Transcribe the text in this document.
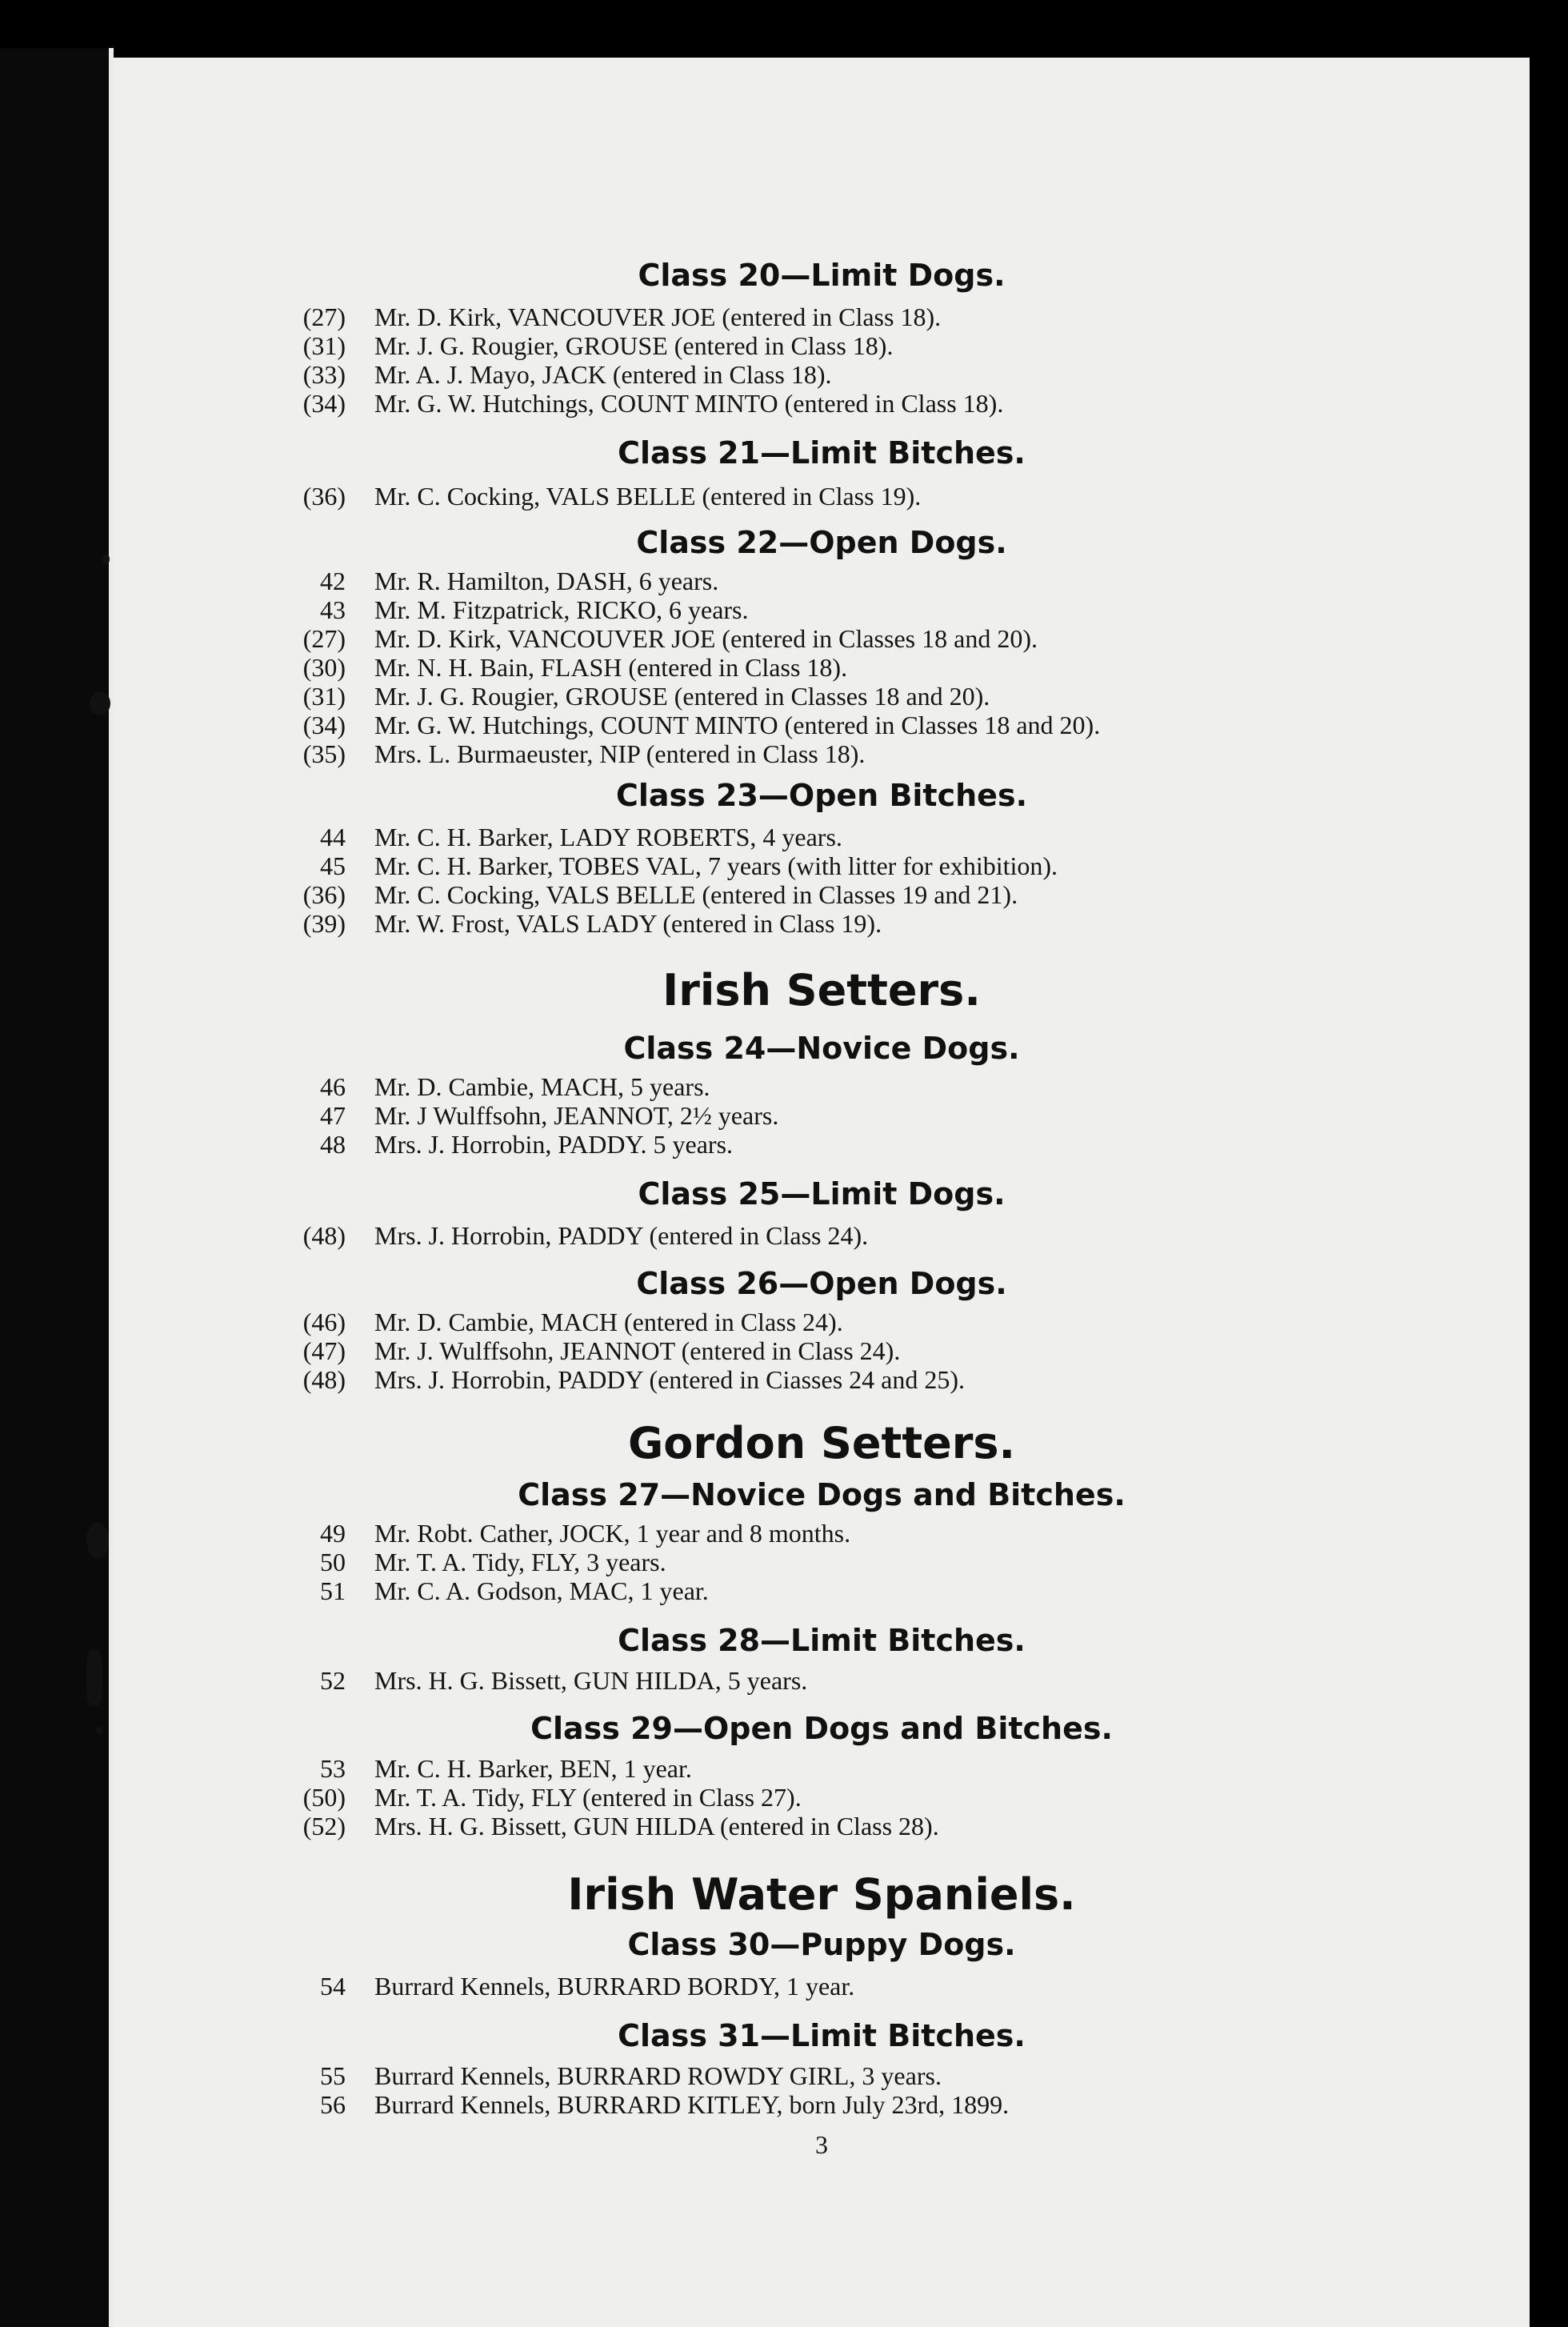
Class 20—Limit Dogs.
(27) Mr. D. Kirk, VANCOUVER JOE (entered in Class 18).
(31) Mr. J. G. Rougier, GROUSE (entered in Class 18).
(33) Mr. A. J. Mayo, JACK (entered in Class 18).
(34) Mr. G. W. Hutchings, COUNT MINTO (entered in Class 18).
Class 21—Limit Bitches.
(36) Mr. C. Cocking, VALS BELLE (entered in Class 19).
Class 22—Open Dogs.
42 Mr. R. Hamilton, DASH, 6 years.
43 Mr. M. Fitzpatrick, RICKO, 6 years.
(27) Mr. D. Kirk, VANCOUVER JOE (entered in Classes 18 and 20).
(30) Mr. N. H. Bain, FLASH (entered in Class 18).
(31) Mr. J. G. Rougier, GROUSE (entered in Classes 18 and 20).
(34) Mr. G. W. Hutchings, COUNT MINTO (entered in Classes 18 and 20).
(35) Mrs. L. Burmaeuster, NIP (entered in Class 18).
Class 23—Open Bitches.
44 Mr. C. H. Barker, LADY ROBERTS, 4 years.
45 Mr. C. H. Barker, TOBES VAL, 7 years (with litter for exhibition).
(36) Mr. C. Cocking, VALS BELLE (entered in Classes 19 and 21).
(39) Mr. W. Frost, VALS LADY (entered in Class 19).
Irish Setters.
Class 24—Novice Dogs.
46 Mr. D. Cambie, MACH, 5 years.
47 Mr. J Wulffsohn, JEANNOT, 2½ years.
48 Mrs. J. Horrobin, PADDY. 5 years.
Class 25—Limit Dogs.
(48) Mrs. J. Horrobin, PADDY (entered in Class 24).
Class 26—Open Dogs.
(46) Mr. D. Cambie, MACH (entered in Class 24).
(47) Mr. J. Wulffsohn, JEANNOT (entered in Class 24).
(48) Mrs. J. Horrobin, PADDY (entered in Ciasses 24 and 25).
Gordon Setters.
Class 27—Novice Dogs and Bitches.
49 Mr. Robt. Cather, JOCK, 1 year and 8 months.
50 Mr. T. A. Tidy, FLY, 3 years.
51 Mr. C. A. Godson, MAC, 1 year.
Class 28—Limit Bitches.
52 Mrs. H. G. Bissett, GUN HILDA, 5 years.
Class 29—Open Dogs and Bitches.
53 Mr. C. H. Barker, BEN, 1 year.
(50) Mr. T. A. Tidy, FLY (entered in Class 27).
(52) Mrs. H. G. Bissett, GUN HILDA (entered in Class 28).
Irish Water Spaniels.
Class 30—Puppy Dogs.
54 Burrard Kennels, BURRARD BORDY, 1 year.
Class 31—Limit Bitches.
55 Burrard Kennels, BURRARD ROWDY GIRL, 3 years.
56 Burrard Kennels, BURRARD KITLEY, born July 23rd, 1899.
3
